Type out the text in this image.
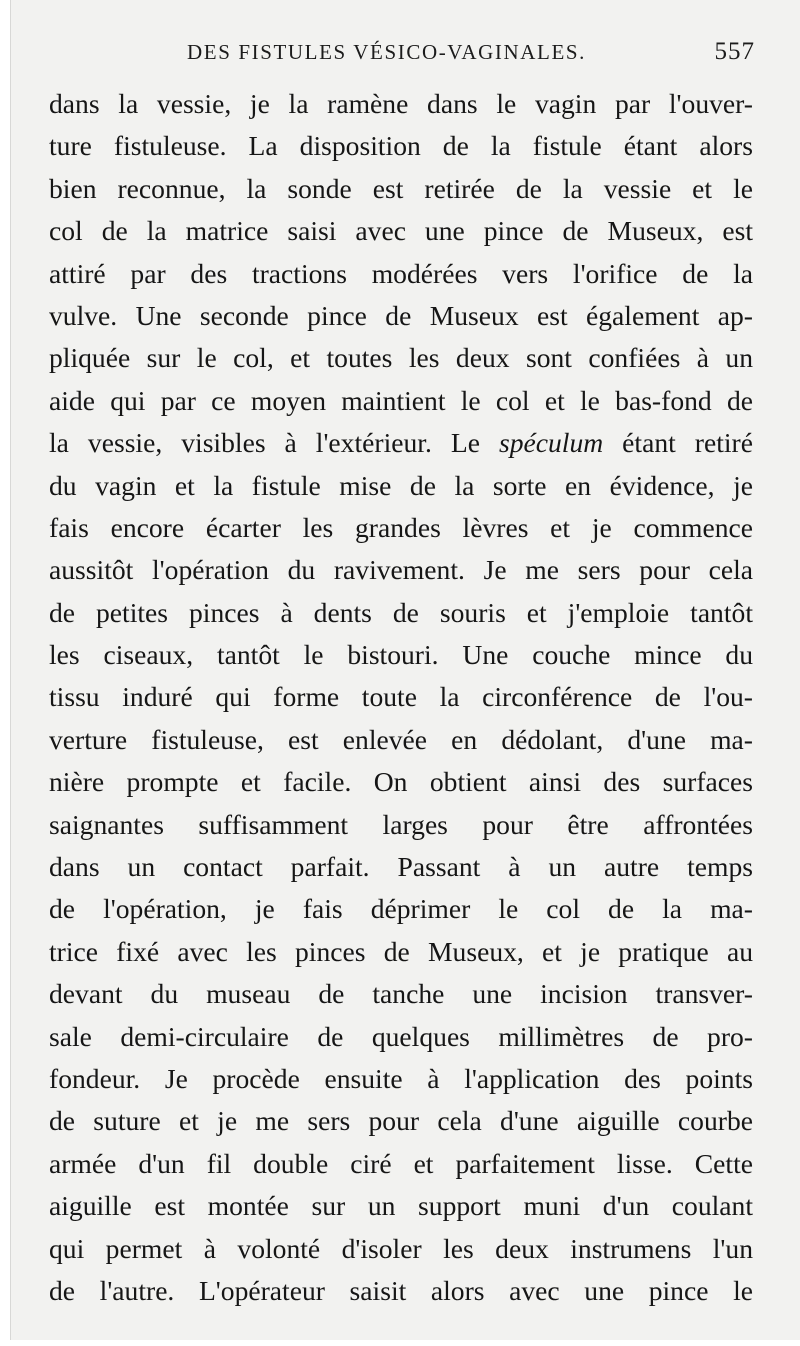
DES FISTULES VÉSICO-VAGINALES.	557
dans la vessie, je la ramène dans le vagin par l'ouver-
ture fistuleuse. La disposition de la fistule étant alors
bien reconnue, la sonde est retirée de la vessie et le
col de la matrice saisi avec une pince de Museux, est
attiré par des tractions modérées vers l'orifice de la
vulve. Une seconde pince de Museux est également ap-
pliquée sur le col, et toutes les deux sont confiées à un
aide qui par ce moyen maintient le col et le bas-fond de
la vessie, visibles à l'extérieur. Le spéculum étant retiré
du vagin et la fistule mise de la sorte en évidence, je
fais encore écarter les grandes lèvres et je commence
aussitôt l'opération du ravivement. Je me sers pour cela
de petites pinces à dents de souris et j'emploie tantôt
les ciseaux, tantôt le bistouri. Une couche mince du
tissu induré qui forme toute la circonférence de l'ou-
verture fistuleuse, est enlevée en dédolant, d'une ma-
nière prompte et facile. On obtient ainsi des surfaces
saignantes suffisamment larges pour être affrontées
dans un contact parfait. Passant à un autre temps
de l'opération, je fais déprimer le col de la ma-
trice fixé avec les pinces de Museux, et je pratique au
devant du museau de tanche une incision transver-
sale demi-circulaire de quelques millimètres de pro-
fondeur. Je procède ensuite à l'application des points
de suture et je me sers pour cela d'une aiguille courbe
armée d'un fil double ciré et parfaitement lisse. Cette
aiguille est montée sur un support muni d'un coulant
qui permet à volonté d'isoler les deux instrumens l'un
de l'autre. L'opérateur saisit alors avec une pince le
